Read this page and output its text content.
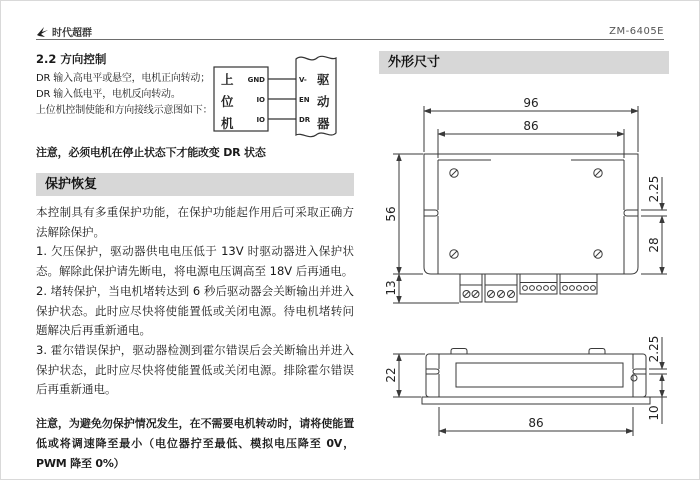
时代超群	ZM-6405E
2.2 方向控制
DR 输入高电平或悬空，电机正向转动；
DR 输入低电平，电机反向转动。
上位机控制使能和方向接线示意图如下：
注意，必须电机在停止状态下才能改变 DR 状态
保护恢复

本控制具有多重保护功能，在保护功能起作用后可采取正确方法解除保护。

1. 欠压保护，驱动器供电电压低于 13V 时驱动器进入保护状态。解除此保护请先断电，将电源电压调高至 18V 后再通电。

2. 堵转保护，当电机堵转达到 6 秒后驱动器会关断输出并进入保护状态。此时应尽快将使能置低或关闭电源。待电机堵转问题解决后再重新通电。

3. 霍尔错误保护，驱动器检测到霍尔错误后会关断输出并进入保护状态，此时应尽快将使能置低或关闭电源。排除霍尔错误后再重新通电。

注意，为避免勿保护情况发生，在不需要电机转动时，请将使能置低或将调速降至最小（电位器拧至最低、模拟电压降至 0V，PWM 降至 0%）
上
位
机
GND
IO
IO
V-
EN
DR
驱
动
器
外形尺寸
96
86
56
13
2.25
28
22
86
2.25
10
